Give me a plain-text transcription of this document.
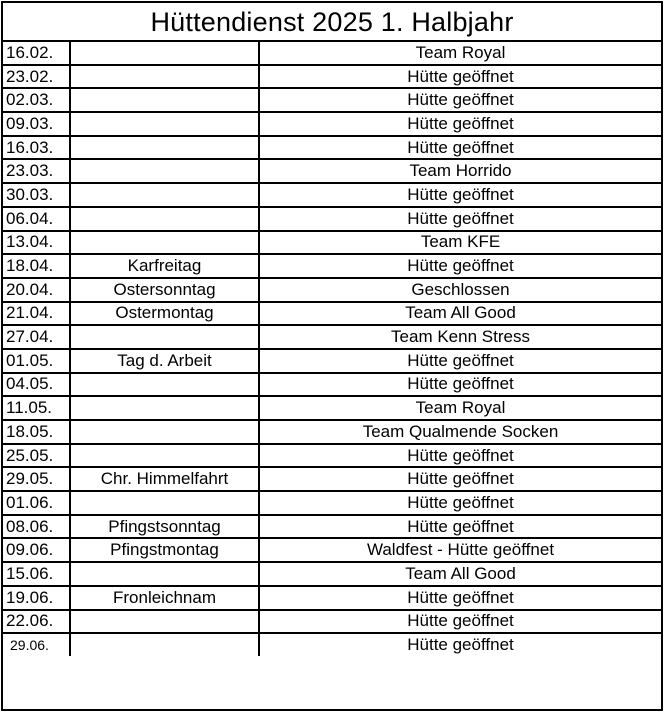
Hüttendienst 2025 1. Halbjahr
16.02.		Team Royal
23.02.		Hütte geöffnet
02.03.		Hütte geöffnet
09.03.		Hütte geöffnet
16.03.		Hütte geöffnet
23.03.		Team Horrido
30.03.		Hütte geöffnet
06.04.		Hütte geöffnet
13.04.		Team KFE
18.04.	Karfreitag	Hütte geöffnet
20.04.	Ostersonntag	Geschlossen
21.04.	Ostermontag	Team All Good
27.04.		Team Kenn Stress
01.05.	Tag d. Arbeit	Hütte geöffnet
04.05.		Hütte geöffnet
11.05.		Team Royal
18.05.		Team Qualmende Socken
25.05.		Hütte geöffnet
29.05.	Chr. Himmelfahrt	Hütte geöffnet
01.06.		Hütte geöffnet
08.06.	Pfingstsonntag	Hütte geöffnet
09.06.	Pfingstmontag	Waldfest - Hütte geöffnet
15.06.		Team All Good
19.06.	Fronleichnam	Hütte geöffnet
22.06.		Hütte geöffnet
29.06.		Hütte geöffnet
